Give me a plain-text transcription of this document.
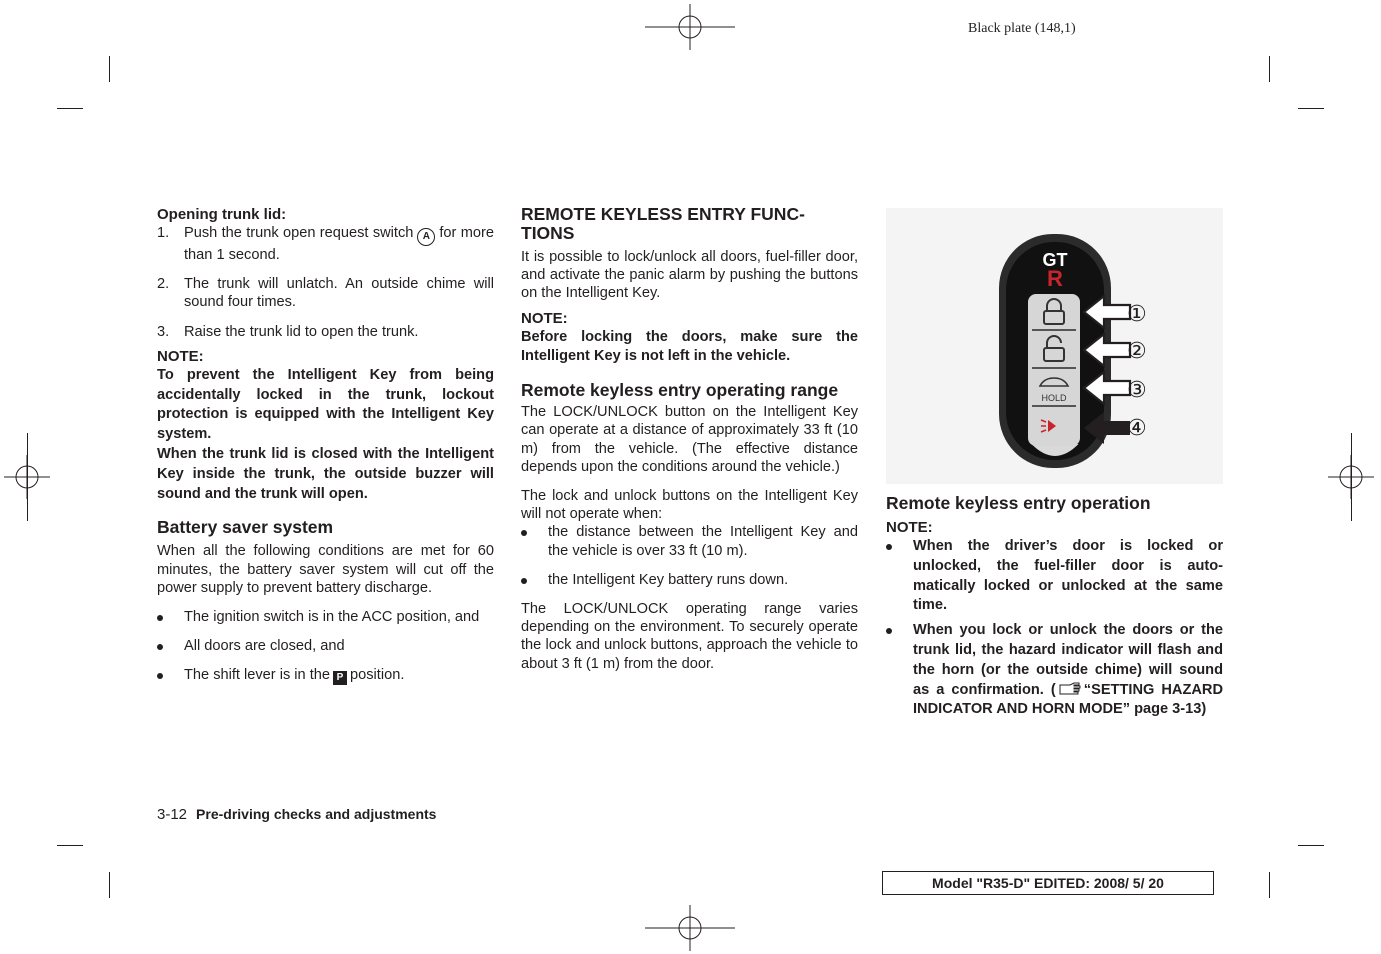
Black plate (148,1)
Opening trunk lid:
1. Push the trunk open request switch A for more than 1 second.
2. The trunk will unlatch. An outside chime will sound four times.
3. Raise the trunk lid to open the trunk.
NOTE:

To prevent the Intelligent Key from being accidentally locked in the trunk, lockout protection is equipped with the Intelligent Key system.

When the trunk lid is closed with the Intelligent Key inside the trunk, the outside buzzer will sound and the trunk will open.

Battery saver system

When all the following conditions are met for 60 minutes, the battery saver system will cut off the power supply to prevent battery discharge.

The ignition switch is in the ACC position, and
All doors are closed, and
The shift lever is in the P position.
REMOTE KEYLESS ENTRY FUNC-TIONS

It is possible to lock/unlock all doors, fuel-filler door, and activate the panic alarm by pushing the buttons on the Intelligent Key.

NOTE:

Before locking the doors, make sure the Intelligent Key is not left in the vehicle.

Remote keyless entry operating range

The LOCK/UNLOCK button on the Intelligent Key can operate at a distance of approximately 33 ft (10 m) from the vehicle. (The effective distance depends upon the conditions around the vehicle.)

The lock and unlock buttons on the Intelligent Key will not operate when:

the distance between the Intelligent Key and the vehicle is over 33 ft (10 m).
the Intelligent Key battery runs down.

The LOCK/UNLOCK operating range varies depending on the environment. To securely operate the lock and unlock buttons, approach the vehicle to about 3 ft (1 m) from the door.

GT
R
HOLD
①
②
③
④
Remote keyless entry operation
NOTE:
When the driver’s door is locked or unlocked, the fuel-filler door is auto-matically locked or unlocked at the same time.
When you lock or unlock the doors or the trunk lid, the hazard indicator will flash and the horn (or the outside chime) will sound as a confirmation. ( “SETTING HAZARD INDICATOR AND HORN MODE” page 3-13)
3-12 Pre-driving checks and adjustments
Model "R35-D" EDITED: 2008/ 5/ 20
